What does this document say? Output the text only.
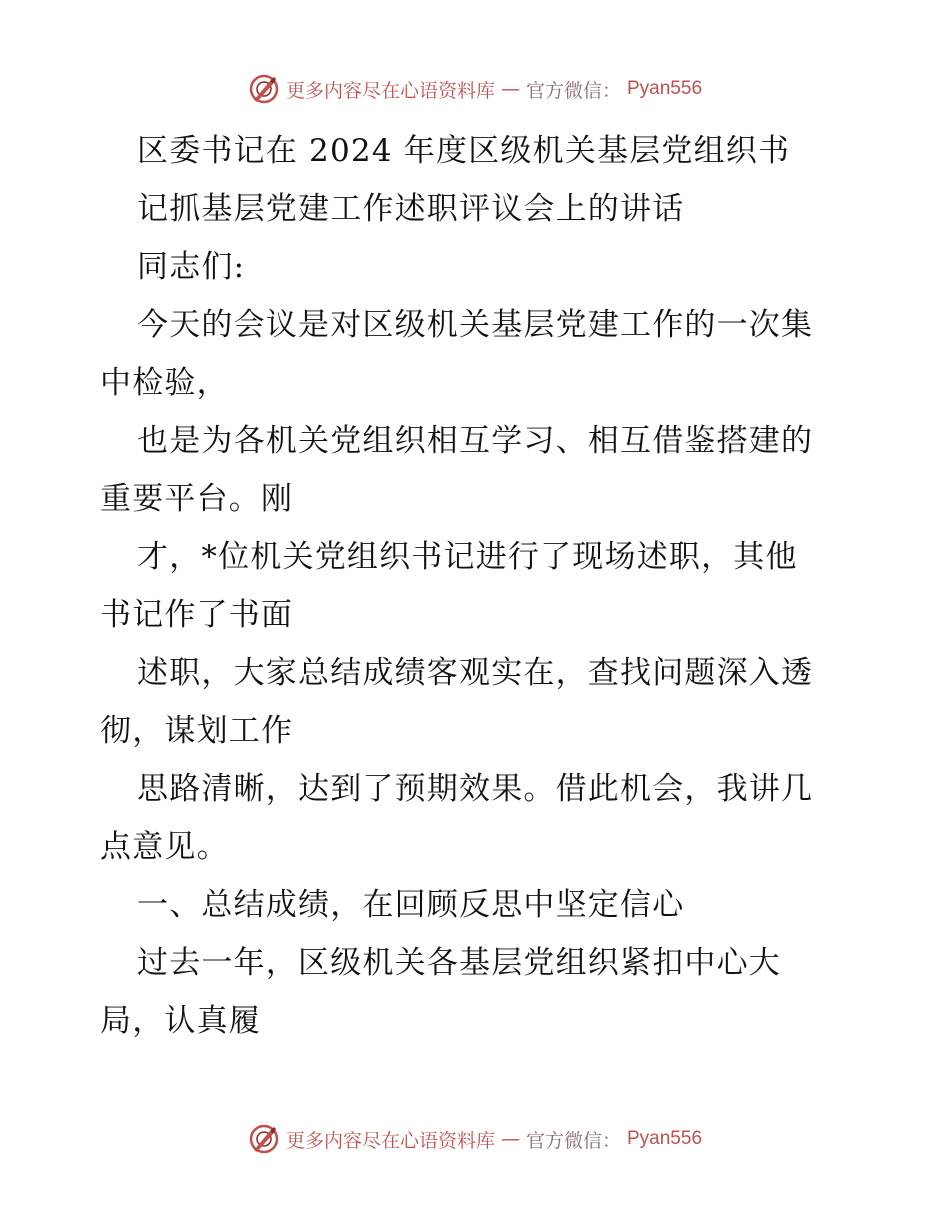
更多内容尽在心语资料库 — 官方微信： Pyan556
区委书记在 2024 年度区级机关基层党组织书
记抓基层党建工作述职评议会上的讲话
同志们:
今天的会议是对区级机关基层党建工作的一次集
中检验，
也是为各机关党组织相互学习、相互借鉴搭建的
重要平台。刚
才，*位机关党组织书记进行了现场述职，其他
书记作了书面
述职，大家总结成绩客观实在，查找问题深入透
彻，谋划工作
思路清晰，达到了预期效果。借此机会，我讲几
点意见。
一、总结成绩，在回顾反思中坚定信心
过去一年，区级机关各基层党组织紧扣中心大
局，认真履
更多内容尽在心语资料库 — 官方微信： Pyan556
